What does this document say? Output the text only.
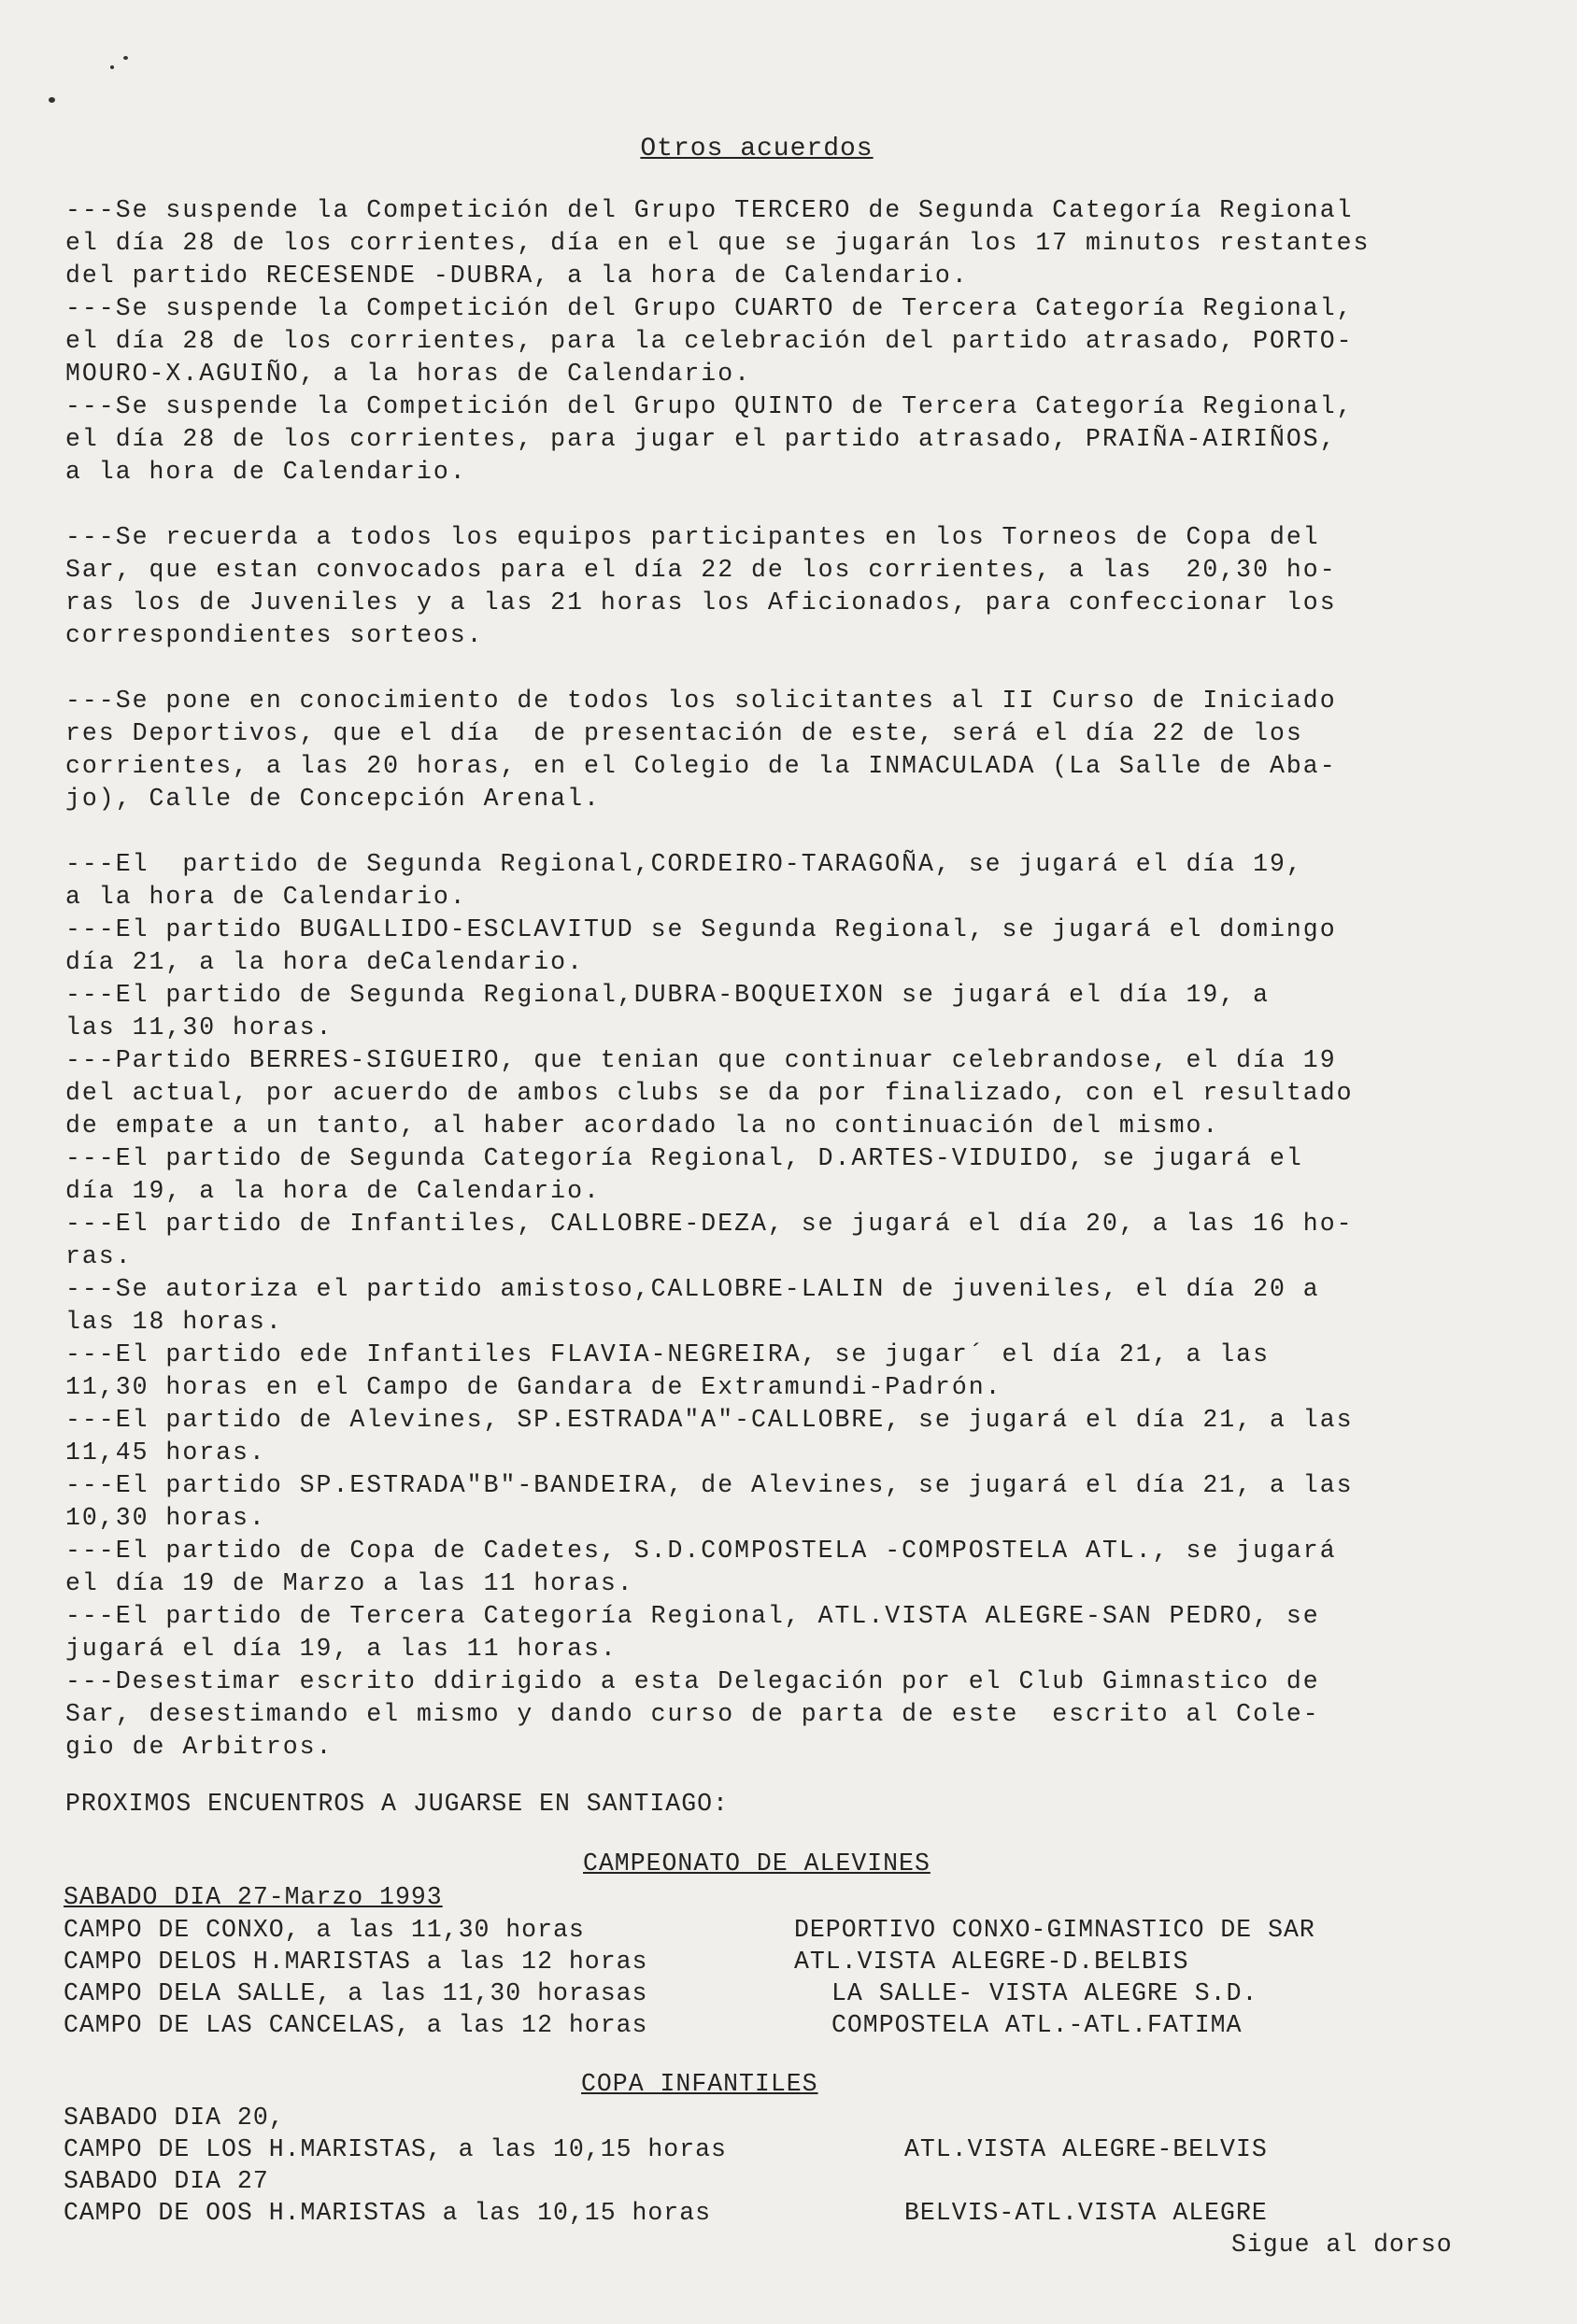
Otros acuerdos
---Se suspende la Competición del Grupo TERCERO de Segunda Categoría Regional
el día 28 de los corrientes, día en el que se jugarán los 17 minutos restantes
del partido RECESENDE -DUBRA, a la hora de Calendario.
---Se suspende la Competición del Grupo CUARTO de Tercera Categoría Regional,
el día 28 de los corrientes, para la celebración del partido atrasado, PORTO-
MOURO-X.AGUIÑO, a la horas de Calendario.
---Se suspende la Competición del Grupo QUINTO de Tercera Categoría Regional,
el día 28 de los corrientes, para jugar el partido atrasado, PRAIÑA-AIRIÑOS,
a la hora de Calendario.
---Se recuerda a todos los equipos participantes en los Torneos de Copa del
Sar, que estan convocados para el día 22 de los corrientes, a las  20,30 ho-
ras los de Juveniles y a las 21 horas los Aficionados, para confeccionar los
correspondientes sorteos.
---Se pone en conocimiento de todos los solicitantes al II Curso de Iniciado
res Deportivos, que el día  de presentación de este, será el día 22 de los
corrientes, a las 20 horas, en el Colegio de la INMACULADA (La Salle de Aba-
jo), Calle de Concepción Arenal.
---El  partido de Segunda Regional,CORDEIRO-TARAGOÑA, se jugará el día 19,
a la hora de Calendario.
---El partido BUGALLIDO-ESCLAVITUD se Segunda Regional, se jugará el domingo
día 21, a la hora deCalendario.
---El partido de Segunda Regional,DUBRA-BOQUEIXON se jugará el día 19, a
las 11,30 horas.
---Partido BERRES-SIGUEIRO, que tenian que continuar celebrandose, el día 19
del actual, por acuerdo de ambos clubs se da por finalizado, con el resultado
de empate a un tanto, al haber acordado la no continuación del mismo.
---El partido de Segunda Categoría Regional, D.ARTES-VIDUIDO, se jugará el
día 19, a la hora de Calendario.
---El partido de Infantiles, CALLOBRE-DEZA, se jugará el día 20, a las 16 ho-
ras.
---Se autoriza el partido amistoso,CALLOBRE-LALIN de juveniles, el día 20 a
las 18 horas.
---El partido ede Infantiles FLAVIA-NEGREIRA, se jugar´ el día 21, a las
11,30 horas en el Campo de Gandara de Extramundi-Padrón.
---El partido de Alevines, SP.ESTRADA"A"-CALLOBRE, se jugará el día 21, a las
11,45 horas.
---El partido SP.ESTRADA"B"-BANDEIRA, de Alevines, se jugará el día 21, a las
10,30 horas.
---El partido de Copa de Cadetes, S.D.COMPOSTELA -COMPOSTELA ATL., se jugará
el día 19 de Marzo a las 11 horas.
---El partido de Tercera Categoría Regional, ATL.VISTA ALEGRE-SAN PEDRO, se
jugará el día 19, a las 11 horas.
---Desestimar escrito ddirigido a esta Delegación por el Club Gimnastico de
Sar, desestimando el mismo y dando curso de parta de este  escrito al Cole-
gio de Arbitros.
PROXIMOS ENCUENTROS A JUGARSE EN SANTIAGO:
CAMPEONATO DE ALEVINES
SABADO DIA 27-Marzo 1993
CAMPO DE CONXO, a las 11,30 horas	DEPORTIVO CONXO-GIMNASTICO DE SAR
CAMPO DELOS H.MARISTAS a las 12 horas	ATL.VISTA ALEGRE-D.BELBIS
CAMPO DELA SALLE, a las 11,30 horasas	LA SALLE- VISTA ALEGRE S.D.
CAMPO DE LAS CANCELAS, a las 12 horas	COMPOSTELA ATL.-ATL.FATIMA
COPA INFANTILES
SABADO DIA 20,
CAMPO DE LOS H.MARISTAS, a las 10,15 horas	ATL.VISTA ALEGRE-BELVIS
SABADO DIA 27
CAMPO DE OOS H.MARISTAS a las 10,15 horas	BELVIS-ATL.VISTA ALEGRE
Sigue al dorso
